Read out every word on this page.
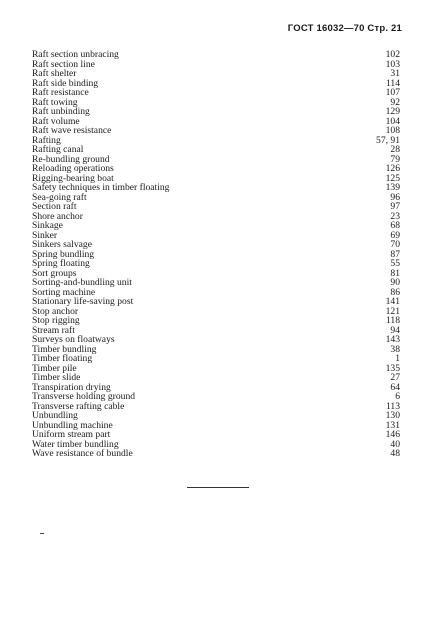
ГОСТ 16032—70 Стр. 21
Raft section unbracing	102
Raft section line	103
Raft shelter	31
Raft side binding	114
Raft resistance	107
Raft towing	92
Raft unbinding	129
Raft volume	104
Raft wave resistance	108
Rafting	57, 91
Rafting canal	28
Re-bundling ground	79
Reloading operations	126
Rigging-bearing boat	125
Safety techniques in timber floating	139
Sea-going raft	96
Section raft	97
Shore anchor	23
Sinkage	68
Sinker	69
Sinkers salvage	70
Spring bundling	87
Spring floating	55
Sort groups	81
Sorting-and-bundling unit	90
Sorting machine	86
Stationary life-saving post	141
Stop anchor	121
Stop rigging	118
Stream raft	94
Surveys on floatways	143
Timber bundling	38
Timber floating	1
Timber pile	135
Timber slide	27
Transpiration drying	64
Transverse holding ground	6
Transverse rafting cable	113
Unbundling	130
Unbundling machine	131
Uniform stream part	146
Water timber bundling	40
Wave resistance of bundle	48
